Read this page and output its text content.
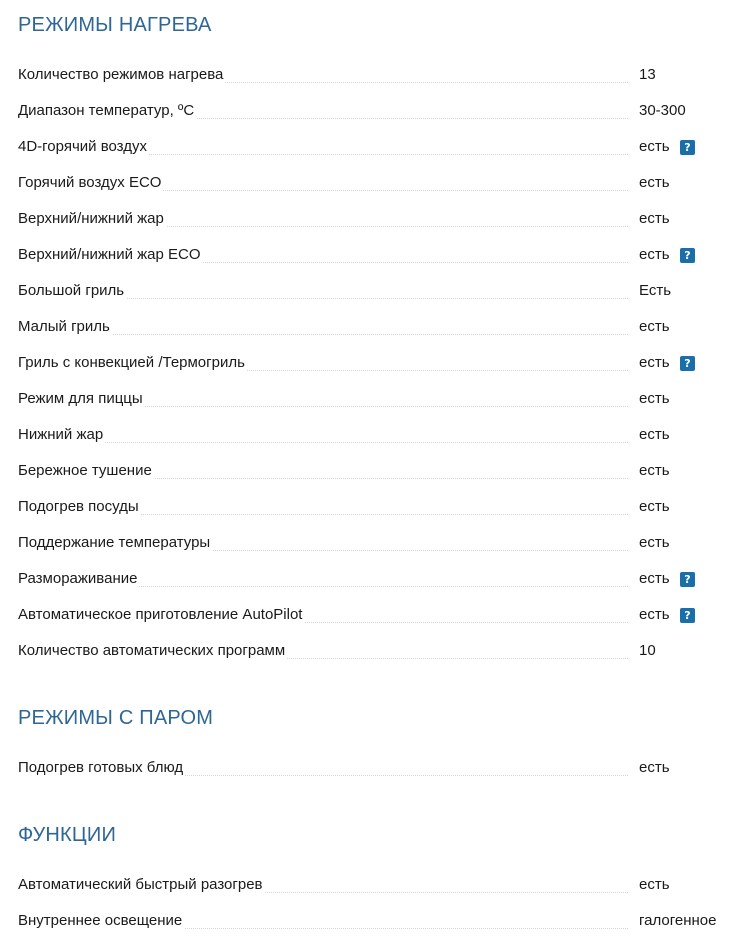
РЕЖИМЫ НАГРЕВА
Количество режимов нагрева	13
Диапазон температур, ºC	30-300
4D-горячий воздух	есть	?
Горячий воздух ECO	есть
Верхний/нижний жар	есть
Верхний/нижний жар ECO	есть	?
Большой гриль	Есть
Малый гриль	есть
Гриль с конвекцией /Термогриль	есть	?
Режим для пиццы	есть
Нижний жар	есть
Бережное тушение	есть
Подогрев посуды	есть
Поддержание температуры	есть
Размораживание	есть	?
Автоматическое приготовление AutoPilot	есть	?
Количество автоматических программ	10
РЕЖИМЫ С ПАРОМ
Подогрев готовых блюд	есть
ФУНКЦИИ
Автоматический быстрый разогрев	есть
Внутреннее освещение	галогенное
